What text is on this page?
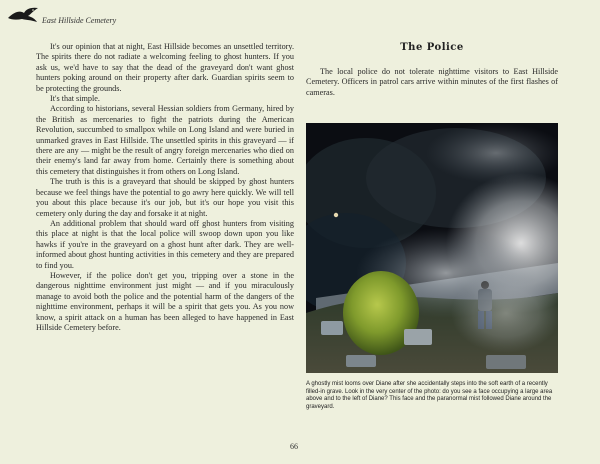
East Hillside Cemetery

It's our opinion that at night, East Hillside becomes an unsettled territory. The spirits there do not radiate a welcoming feeling to ghost hunters. If you ask us, we'd have to say that the dead of the graveyard don't want ghost hunters poking around on their property after dark. Guardian spirits seem to be protecting the grounds.

It's that simple.

According to historians, several Hessian soldiers from Germany, hired by the British as mercenaries to fight the patriots during the American Revolution, succumbed to smallpox while on Long Island and were buried in unmarked graves in East Hillside. The unsettled spirits in this graveyard — if there are any — might be the result of angry foreign mercenaries who died on their enemy's land far away from home. Certainly there is something about this cemetery that distinguishes it from others on Long Island.

The truth is this is a graveyard that should be skipped by ghost hunters because we feel things have the potential to go awry here quickly. We will tell you about this place because it's our job, but it's our hope you visit this cemetery only during the day and forsake it at night.

An additional problem that should ward off ghost hunters from visiting this place at night is that the local police will swoop down upon you like hawks if you're in the graveyard on a ghost hunt after dark. They are well-informed about ghost hunting activities in this cemetery and they are prepared to find you.

However, if the police don't get you, tripping over a stone in the dangerous nighttime environment just might — and if you miraculously manage to avoid both the police and the potential harm of the dangers of the nighttime environment, perhaps it will be a spirit that gets you. As you now know, a spirit attack on a human has been alleged to have happened in East Hillside Cemetery before.

The Police

The local police do not tolerate nighttime visitors to East Hillside Cemetery. Officers in patrol cars arrive within minutes of the first flashes of cameras.

A ghostly mist looms over Diane after she accidentally steps into the soft earth of a recently filled-in grave. Look in the very center of the photo: do you see a face occupying a large area above and to the left of Diane? This face and the paranormal mist followed Diane around the graveyard.
66
